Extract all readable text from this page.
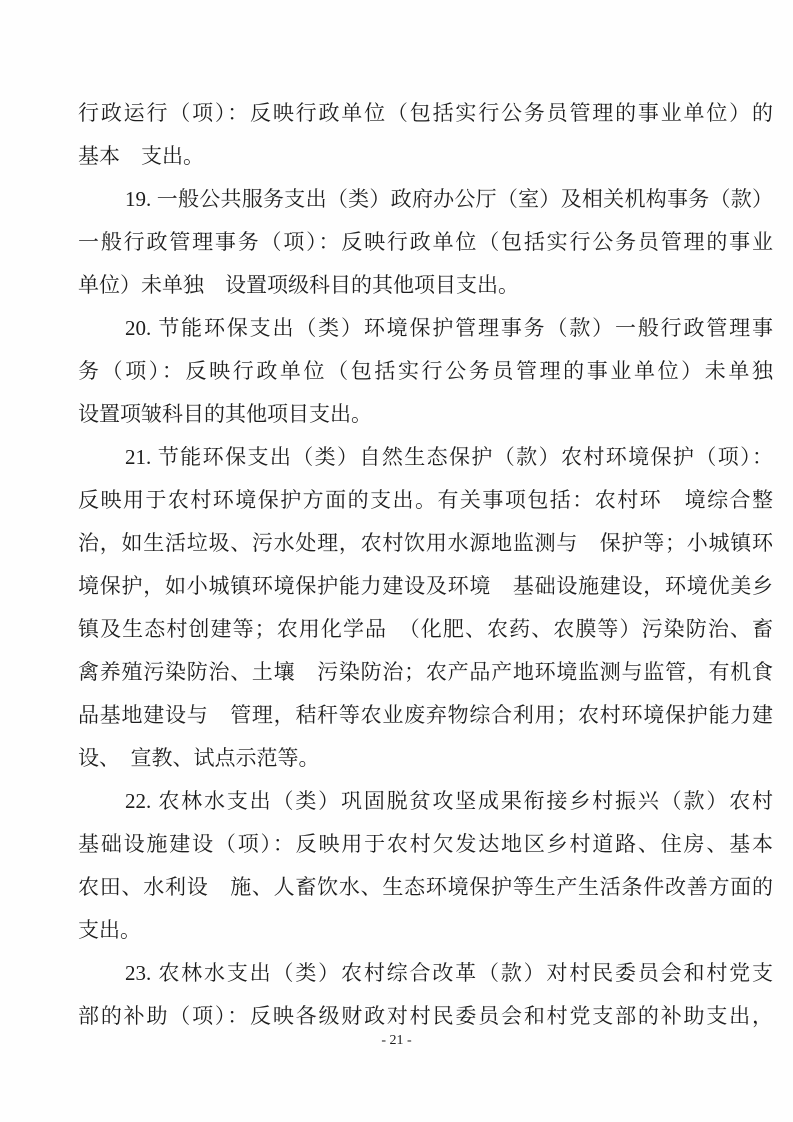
行政运行（项）：反映行政单位（包括实行公务员管理的事业单位）的
基本　支出。
19. 一般公共服务支出（类）政府办公厅（室）及相关机构事务（款）
一般行政管理事务（项）：反映行政单位（包括实行公务员管理的事业
单位）未单独　设置项级科目的其他项目支出。
20. 节能环保支出（类）环境保护管理事务（款）一般行政管理事
务（项）：反映行政单位（包括实行公务员管理的事业单位）未单独
设置项皱科目的其他项目支出。
21. 节能环保支出（类）自然生态保护（款）农村环境保护（项）：
反映用于农村环境保护方面的支出。有关事项包括：农村环　境综合整
治，如生活垃圾、污水处理，农村饮用水源地监测与　保护等；小城镇环
境保护，如小城镇环境保护能力建设及环境　基础设施建设，环境优美乡
镇及生态村创建等；农用化学品　（化肥、农药、农膜等）污染防治、畜
禽养殖污染防治、土壤　污染防治；农产品产地环境监测与监管，有机食
品基地建设与　管理，秸秆等农业废弃物综合利用；农村环境保护能力建
设、　宣教、试点示范等。
22. 农林水支出（类）巩固脱贫攻坚成果衔接乡村振兴（款）农村
基础设施建设（项）：反映用于农村欠发达地区乡村道路、住房、基本
农田、水利设　施、人畜饮水、生态环境保护等生产生活条件改善方面的
支出。
23. 农林水支出（类）农村综合改革（款）对村民委员会和村党支
部的补助（项）：反映各级财政对村民委员会和村党支部的补助支出，
- 21 -
